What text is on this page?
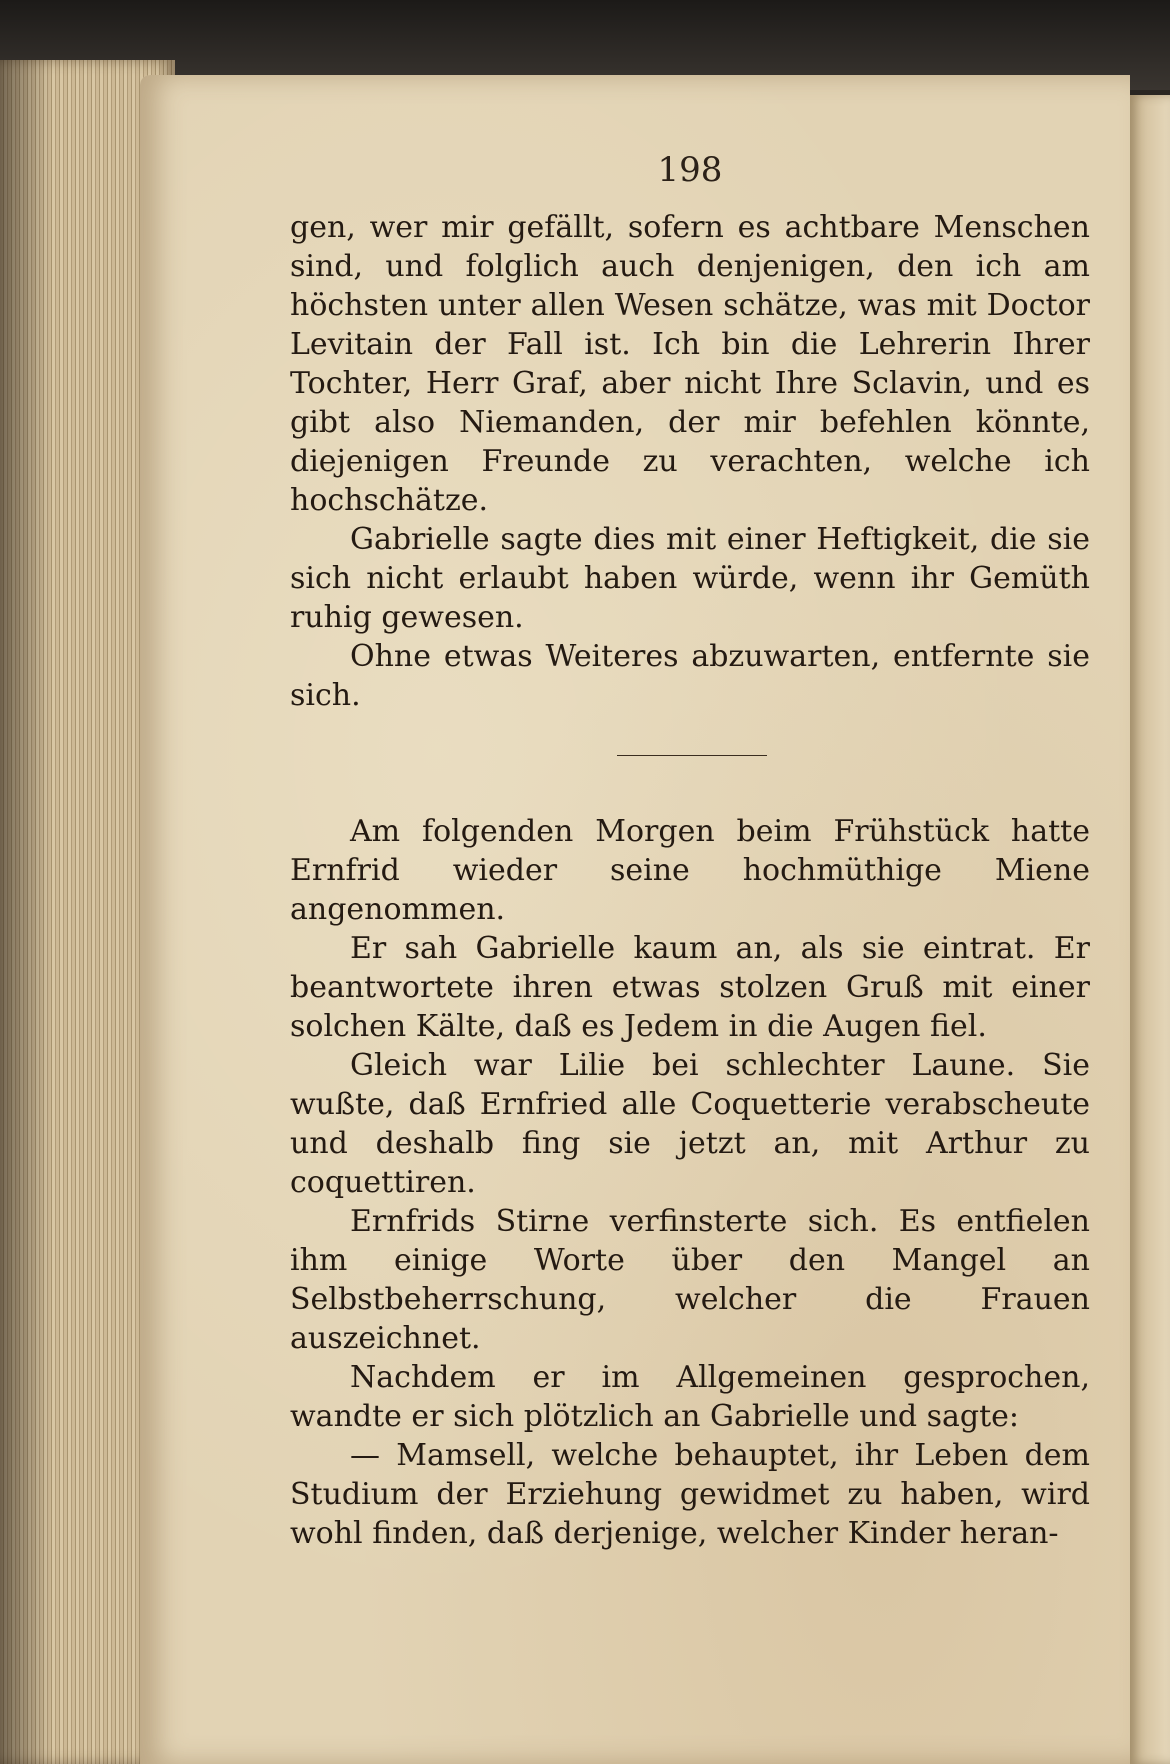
198

gen, wer mir gefällt, sofern es achtbare Menschen sind, und folglich auch denjenigen, den ich am höchsten unter allen Wesen schätze, was mit Doctor Levitain der Fall ist. Ich bin die Lehrerin Ihrer Tochter, Herr Graf, aber nicht Ihre Sclavin, und es gibt also Niemanden, der mir befehlen könnte, diejenigen Freunde zu verachten, welche ich hochschätze.

Gabrielle sagte dies mit einer Heftigkeit, die sie sich nicht erlaubt haben würde, wenn ihr Gemüth ruhig gewesen.

Ohne etwas Weiteres abzuwarten, entfernte sie sich.

Am folgenden Morgen beim Frühstück hatte Ernfrid wieder seine hochmüthige Miene angenommen.

Er sah Gabrielle kaum an, als sie eintrat. Er beantwortete ihren etwas stolzen Gruß mit einer solchen Kälte, daß es Jedem in die Augen fiel.

Gleich war Lilie bei schlechter Laune. Sie wußte, daß Ernfried alle Coquetterie verabscheute und deshalb fing sie jetzt an, mit Arthur zu coquettiren.

Ernfrids Stirne verfinsterte sich. Es entfielen ihm einige Worte über den Mangel an Selbstbeherrschung, welcher die Frauen auszeichnet.

Nachdem er im Allgemeinen gesprochen, wandte er sich plötzlich an Gabrielle und sagte:

— Mamsell, welche behauptet, ihr Leben dem Studium der Erziehung gewidmet zu haben, wird wohl finden, daß derjenige, welcher Kinder heran-
